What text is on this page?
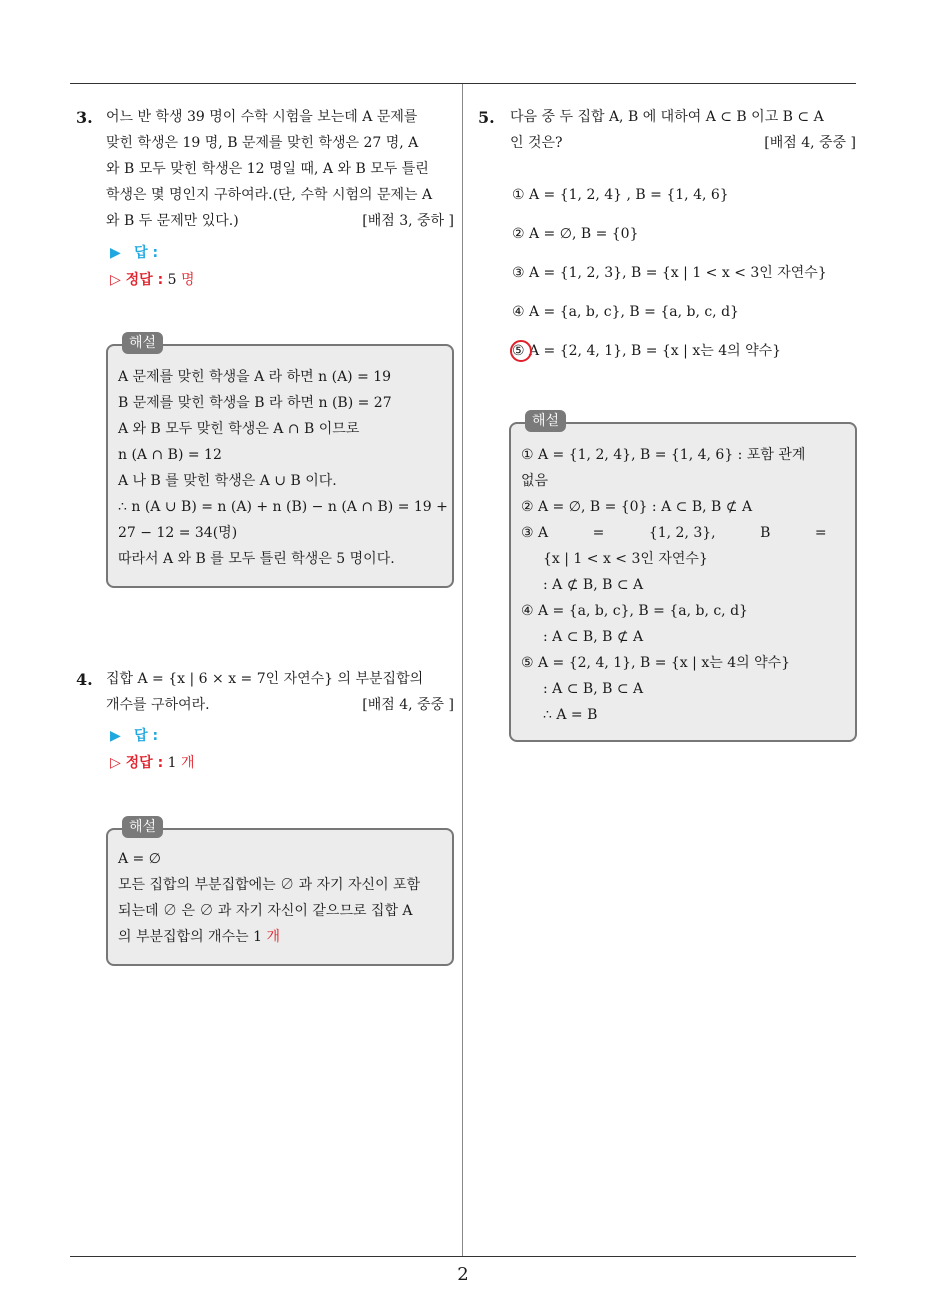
2
3. 어느 반 학생 39 명이 수학 시험을 보는데 A 문제를
맞힌 학생은 19 명, B 문제를 맞힌 학생은 27 명, A
와 B 모두 맞힌 학생은 12 명일 때, A 와 B 모두 틀린
학생은 몇 명인지 구하여라.(단, 수학 시험의 문제는 A
와 B 두 문제만 있다.)	[배점 3, 중하 ]
▶ 답 :
▷ 정답 : 5 명
해설
A 문제를 맞힌 학생을 A 라 하면 n (A) = 19
B 문제를 맞힌 학생을 B 라 하면 n (B) = 27
A 와 B 모두 맞힌 학생은 A ∩ B 이므로
n (A ∩ B) = 12
A 나 B 를 맞힌 학생은 A ∪ B 이다.
∴ n (A ∪ B) = n (A) + n (B) − n (A ∩ B) = 19 +
27 − 12 = 34(명)
따라서 A 와 B 를 모두 틀린 학생은 5 명이다.
4. 집합 A = {x | 6 × x = 7인 자연수} 의 부분집합의
개수를 구하여라.	[배점 4, 중중 ]
▶ 답 :
▷ 정답 : 1 개
해설
A = ∅
모든 집합의 부분집합에는 ∅ 과 자기 자신이 포함
되는데 ∅ 은 ∅ 과 자기 자신이 같으므로 집합 A
의 부분집합의 개수는 1 개
5. 다음 중 두 집합 A, B 에 대하여 A ⊂ B 이고 B ⊂ A
인 것은?	[배점 4, 중중 ]
① A = {1, 2, 4} , B = {1, 4, 6}
② A = ∅, B = {0}
③ A = {1, 2, 3}, B = {x | 1 < x < 3인 자연수}
④ A = {a, b, c}, B = {a, b, c, d}
⑤ A = {2, 4, 1}, B = {x | x는 4의 약수}
해설
① A = {1, 2, 4}, B = {1, 4, 6} : 포함 관계
없음
② A = ∅, B = {0} : A ⊂ B, B ⊄ A
③ A          =          {1, 2, 3},          B          =
{x | 1 < x < 3인 자연수}
: A ⊄ B, B ⊂ A
④ A = {a, b, c}, B = {a, b, c, d}
: A ⊂ B, B ⊄ A
⑤ A = {2, 4, 1}, B = {x | x는 4의 약수}
: A ⊂ B, B ⊂ A
∴ A = B
